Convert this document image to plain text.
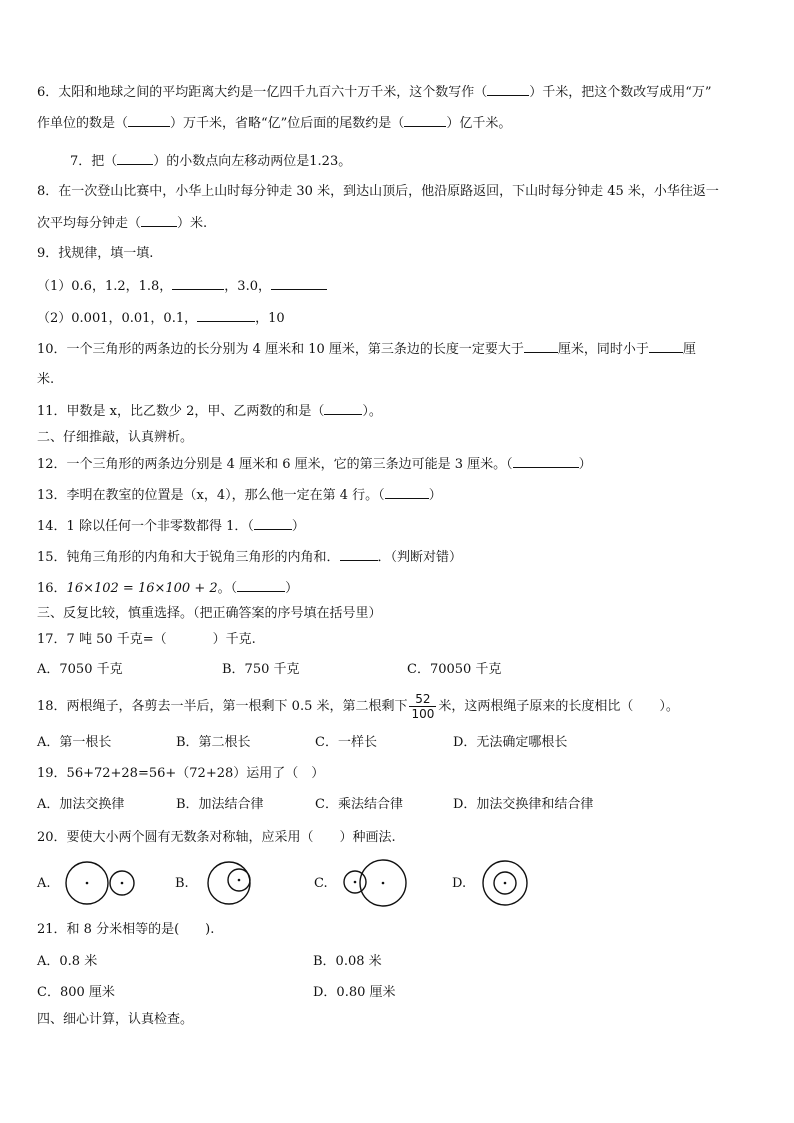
6．太阳和地球之间的平均距离大约是一亿四千九百六十万千米，这个数写作（	）千米，把这个数改写成用“万”
作单位的数是（	）万千米，省略“亿”位后面的尾数约是（	）亿千米。
7．把（	）的小数点向左移动两位是1.23。
8．在一次登山比赛中，小华上山时每分钟走 30 米，到达山顶后，他沿原路返回，下山时每分钟走 45 米，小华往返一
次平均每分钟走（	）米.
9．找规律，填一填.
（1）0.6，1.2，1.8，	，3.0，
（2）0.001，0.01，0.1，	，10
10．一个三角形的两条边的长分别为 4 厘米和 10 厘米，第三条边的长度一定要大于	厘米，同时小于	厘
米.
11．甲数是 x，比乙数少 2，甲、乙两数的和是（	）。
二、仔细推敲，认真辨析。
12．一个三角形的两条边分别是 4 厘米和 6 厘米，它的第三条边可能是 3 厘米。（	）
13．李明在教室的位置是（x，4），那么他一定在第 4 行。（	）
14．1 除以任何一个非零数都得 1．（	）
15．钝角三角形的内角和大于锐角三角形的内角和．	．（判断对错）
16．16×102 = 16×100 + 2。（	）
三、反复比较，慎重选择。（把正确答案的序号填在括号里）
17．7 吨 50 千克=（	）千克.
A．7050 千克	B．750 千克	C．70050 千克
18．两根绳子，各剪去一半后，第一根剩下 0.5 米，第二根剩下 $\frac{52}{100}$ 米，这两根绳子原来的长度相比（　　）。
A．第一根长	B．第二根长	C．一样长	D．无法确定哪根长
19．56+72+28=56+（72+28）运用了（　）
A．加法交换律	B．加法结合律	C．乘法结合律	D．加法交换律和结合律
20．要使大小两个圆有无数条对称轴，应采用（　　）种画法.
A.	B.	C.	D.
21．和 8 分米相等的是(　　).
A．0.8 米	B．0.08 米
C．800 厘米	D．0.80 厘米
四、细心计算，认真检查。
